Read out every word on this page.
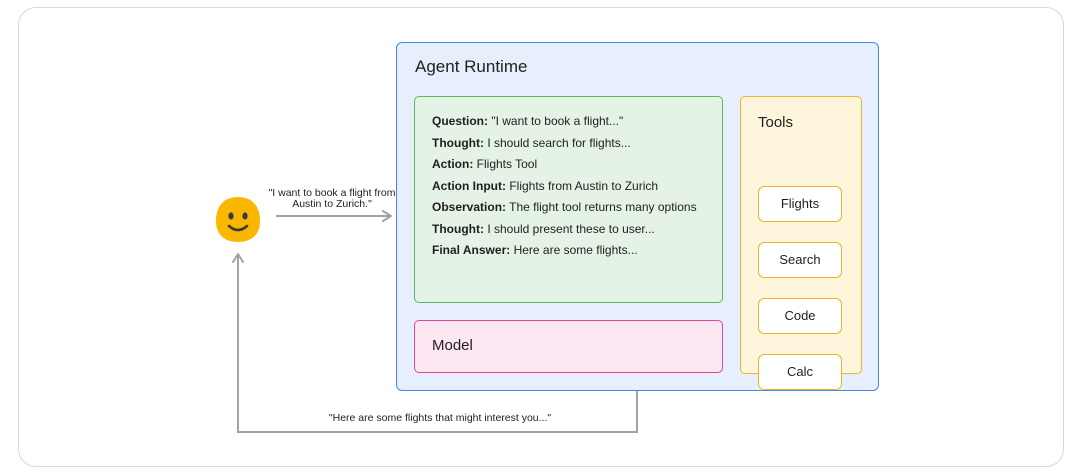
"I want to book a flight from Austin to Zurich."
"Here are some flights that might interest you..."
Agent Runtime
Question: "I want to book a flight..."
Thought: I should search for flights...
Action: Flights Tool
Action Input: Flights from Austin to Zurich
Observation: The flight tool returns many options
Thought: I should present these to user...
Final Answer: Here are some flights...
Model
Tools
Flights
Search
Code
Calc
